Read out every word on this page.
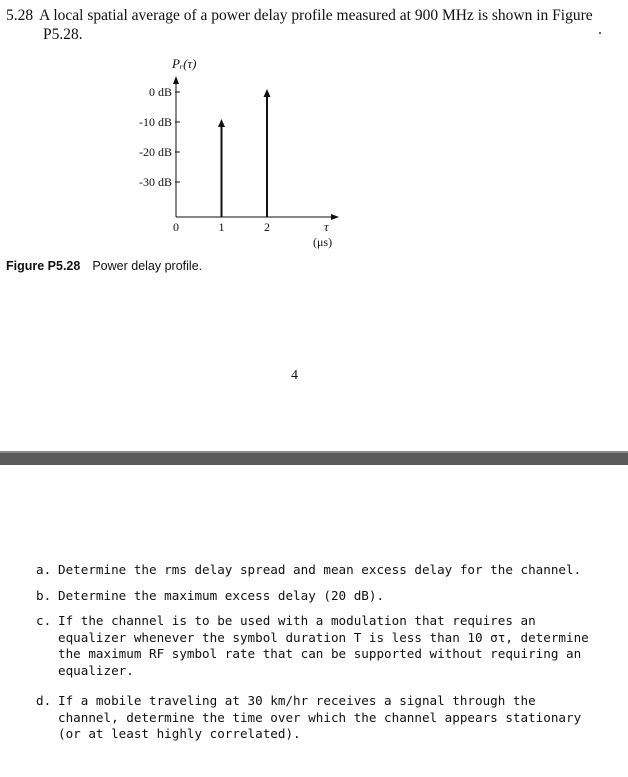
5.28 A local spatial average of a power delay profile measured at 900 MHz is shown in Figure
P5.28.
Pᵣ(τ)
0 dB
-10 dB
-20 dB
-30 dB
0	1	2	τ
(μs)
Figure P5.28 Power delay profile.
4
a. Determine the rms delay spread and mean excess delay for the channel.
b. Determine the maximum excess delay (20 dB).
c. If the channel is to be used with a modulation that requires an equalizer whenever the symbol duration T is less than 10 στ, determine the maximum RF symbol rate that can be supported without requiring an equalizer.
d. If a mobile traveling at 30 km/hr receives a signal through the channel, determine the time over which the channel appears stationary (or at least highly correlated).
